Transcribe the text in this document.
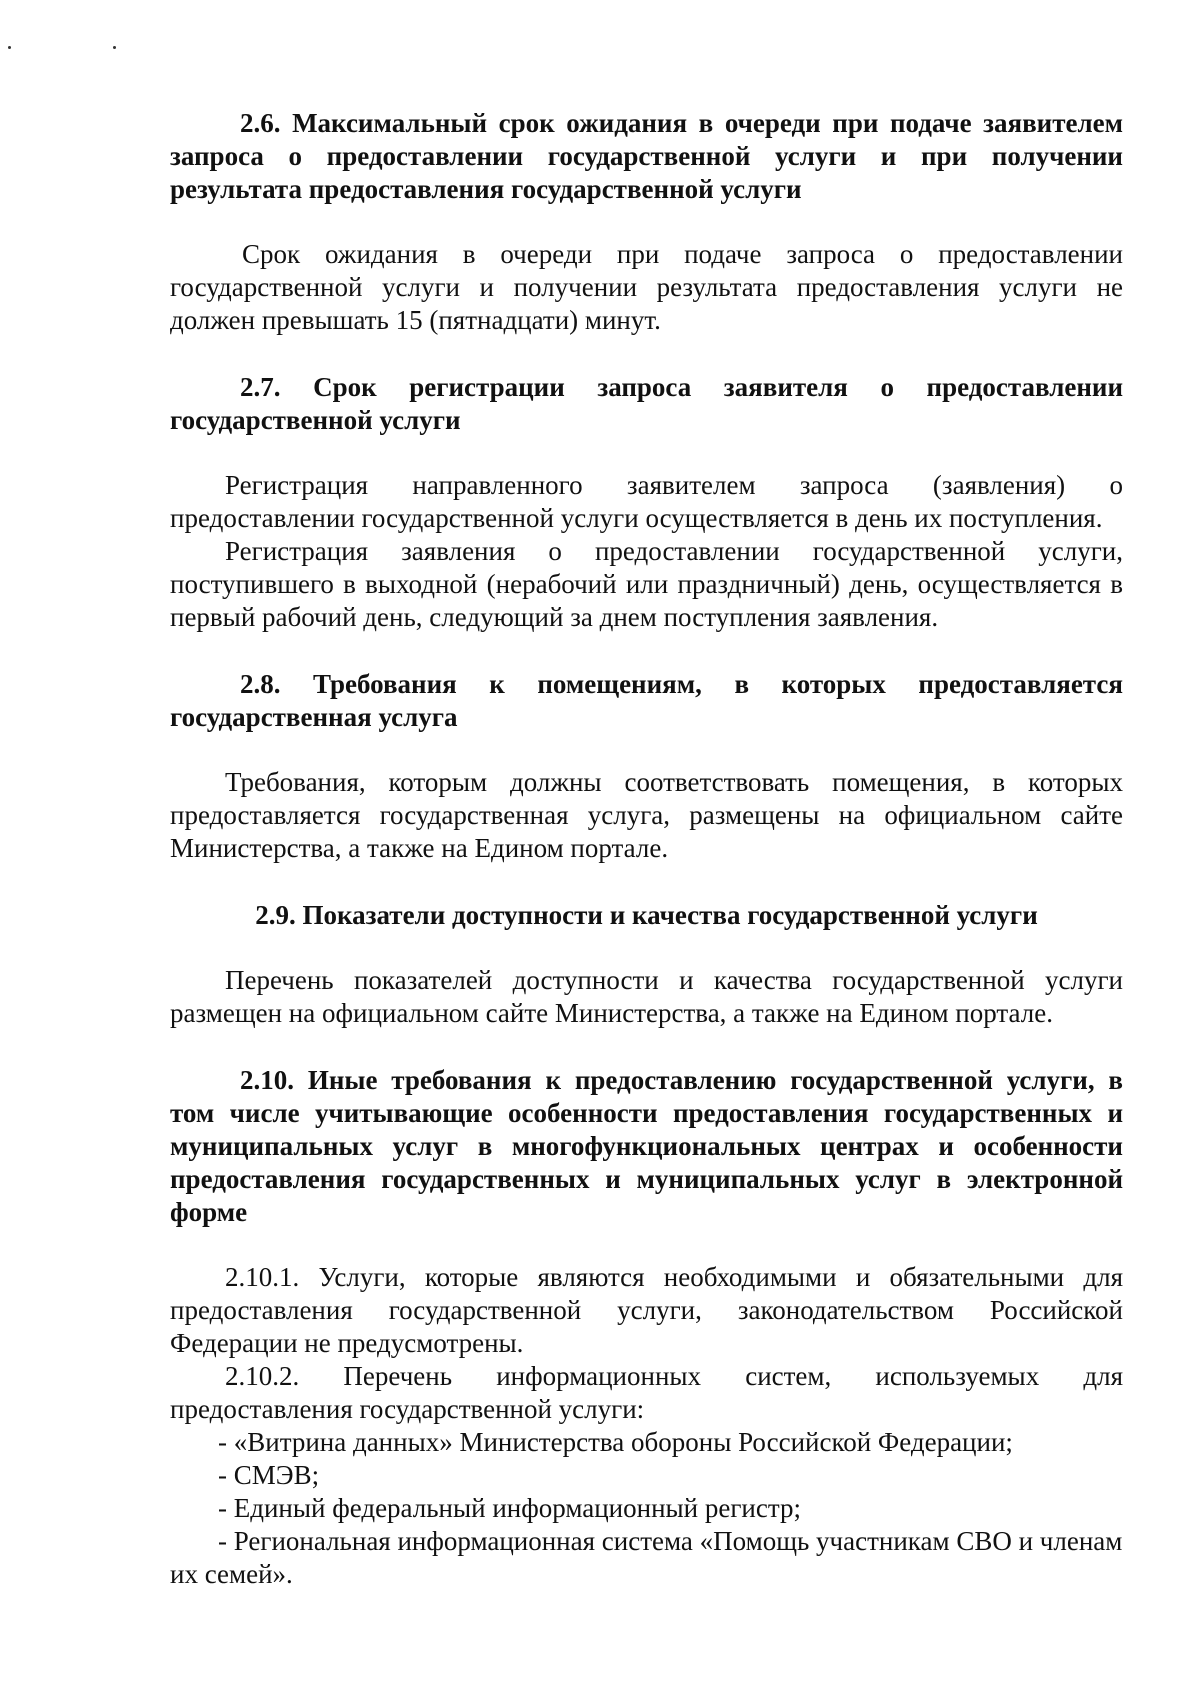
2.6. Максимальный срок ожидания в очереди при подаче заявителем запроса о предоставлении государственной услуги и при получении результата предоставления государственной услуги

Срок ожидания в очереди при подаче запроса о предоставлении государственной услуги и получении результата предоставления услуги не должен превышать 15 (пятнадцати) минут.

2.7. Срок регистрации запроса заявителя о предоставлении государственной услуги

Регистрация направленного заявителем запроса (заявления) о предоставлении государственной услуги осуществляется в день их поступления.

Регистрация заявления о предоставлении государственной услуги, поступившего в выходной (нерабочий или праздничный) день, осуществляется в первый рабочий день, следующий за днем поступления заявления.

2.8. Требования к помещениям, в которых предоставляется государственная услуга

Требования, которым должны соответствовать помещения, в которых предоставляется государственная услуга, размещены на официальном сайте Министерства, а также на Едином портале.

2.9. Показатели доступности и качества государственной услуги

Перечень показателей доступности и качества государственной услуги размещен на официальном сайте Министерства, а также на Едином портале.

2.10. Иные требования к предоставлению государственной услуги, в том числе учитывающие особенности предоставления государственных и муниципальных услуг в многофункциональных центрах и особенности предоставления государственных и муниципальных услуг в электронной форме

2.10.1. Услуги, которые являются необходимыми и обязательными для предоставления государственной услуги, законодательством Российской Федерации не предусмотрены.

2.10.2. Перечень информационных систем, используемых для предоставления государственной услуги:

- «Витрина данных» Министерства обороны Российской Федерации;

- СМЭВ;

- Единый федеральный информационный регистр;

- Региональная информационная система «Помощь участникам СВО и членам их семей».
